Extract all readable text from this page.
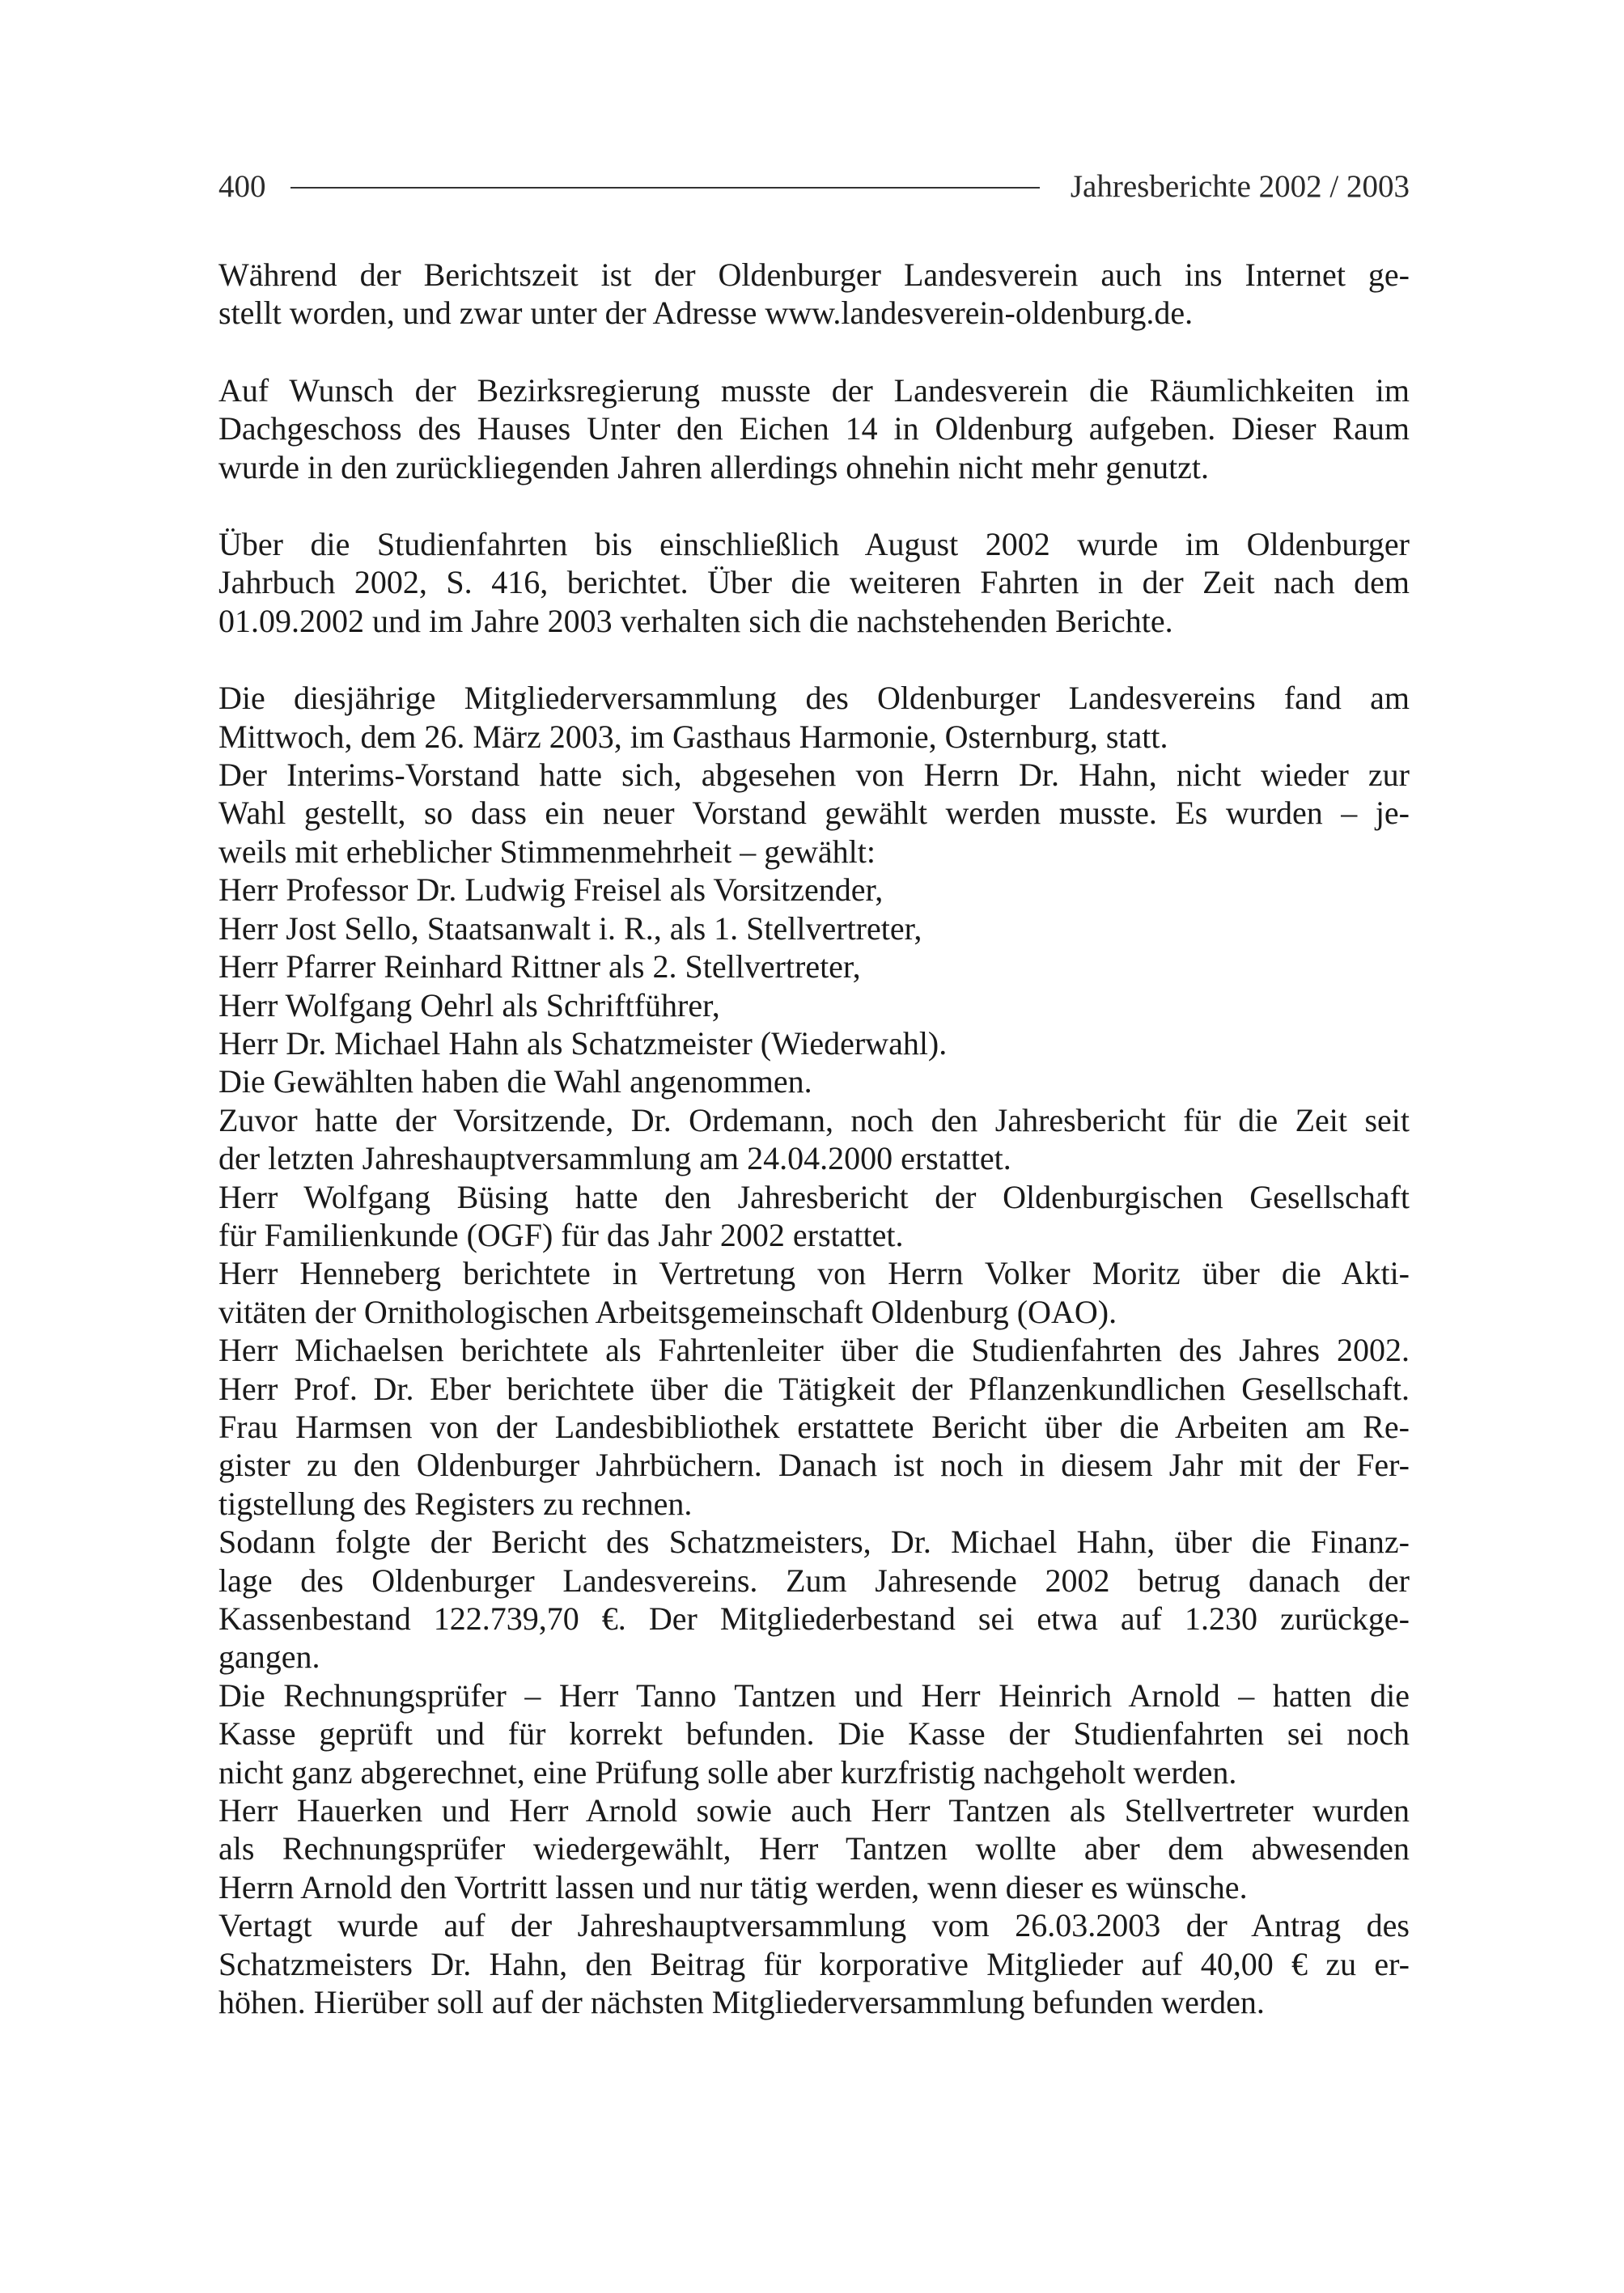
400	Jahresberichte 2002 / 2003
Während der Berichtszeit ist der Oldenburger Landesverein auch ins Internet ge-
stellt worden, und zwar unter der Adresse www.landesverein-oldenburg.de.
Auf Wunsch der Bezirksregierung musste der Landesverein die Räumlichkeiten im
Dachgeschoss des Hauses Unter den Eichen 14 in Oldenburg aufgeben. Dieser Raum
wurde in den zurückliegenden Jahren allerdings ohnehin nicht mehr genutzt.
Über die Studienfahrten bis einschließlich August 2002 wurde im Oldenburger
Jahrbuch 2002, S. 416, berichtet. Über die weiteren Fahrten in der Zeit nach dem
01.09.2002 und im Jahre 2003 verhalten sich die nachstehenden Berichte.
Die diesjährige Mitgliederversammlung des Oldenburger Landesvereins fand am
Mittwoch, dem 26. März 2003, im Gasthaus Harmonie, Osternburg, statt.
Der Interims-Vorstand hatte sich, abgesehen von Herrn Dr. Hahn, nicht wieder zur
Wahl gestellt, so dass ein neuer Vorstand gewählt werden musste. Es wurden – je-
weils mit erheblicher Stimmenmehrheit – gewählt:
Herr Professor Dr. Ludwig Freisel als Vorsitzender,
Herr Jost Sello, Staatsanwalt i. R., als 1. Stellvertreter,
Herr Pfarrer Reinhard Rittner als 2. Stellvertreter,
Herr Wolfgang Oehrl als Schriftführer,
Herr Dr. Michael Hahn als Schatzmeister (Wiederwahl).
Die Gewählten haben die Wahl angenommen.
Zuvor hatte der Vorsitzende, Dr. Ordemann, noch den Jahresbericht für die Zeit seit
der letzten Jahreshauptversammlung am 24.04.2000 erstattet.
Herr Wolfgang Büsing hatte den Jahresbericht der Oldenburgischen Gesellschaft
für Familienkunde (OGF) für das Jahr 2002 erstattet.
Herr Henneberg berichtete in Vertretung von Herrn Volker Moritz über die Akti-
vitäten der Ornithologischen Arbeitsgemeinschaft Oldenburg (OAO).
Herr Michaelsen berichtete als Fahrtenleiter über die Studienfahrten des Jahres 2002.
Herr Prof. Dr. Eber berichtete über die Tätigkeit der Pflanzenkundlichen Gesellschaft.
Frau Harmsen von der Landesbibliothek erstattete Bericht über die Arbeiten am Re-
gister zu den Oldenburger Jahrbüchern. Danach ist noch in diesem Jahr mit der Fer-
tigstellung des Registers zu rechnen.
Sodann folgte der Bericht des Schatzmeisters, Dr. Michael Hahn, über die Finanz-
lage des Oldenburger Landesvereins. Zum Jahresende 2002 betrug danach der
Kassenbestand 122.739,70 €. Der Mitgliederbestand sei etwa auf 1.230 zurückge-
gangen.
Die Rechnungsprüfer – Herr Tanno Tantzen und Herr Heinrich Arnold – hatten die
Kasse geprüft und für korrekt befunden. Die Kasse der Studienfahrten sei noch
nicht ganz abgerechnet, eine Prüfung solle aber kurzfristig nachgeholt werden.
Herr Hauerken und Herr Arnold sowie auch Herr Tantzen als Stellvertreter wurden
als Rechnungsprüfer wiedergewählt, Herr Tantzen wollte aber dem abwesenden
Herrn Arnold den Vortritt lassen und nur tätig werden, wenn dieser es wünsche.
Vertagt wurde auf der Jahreshauptversammlung vom 26.03.2003 der Antrag des
Schatzmeisters Dr. Hahn, den Beitrag für korporative Mitglieder auf 40,00 € zu er-
höhen. Hierüber soll auf der nächsten Mitgliederversammlung befunden werden.
